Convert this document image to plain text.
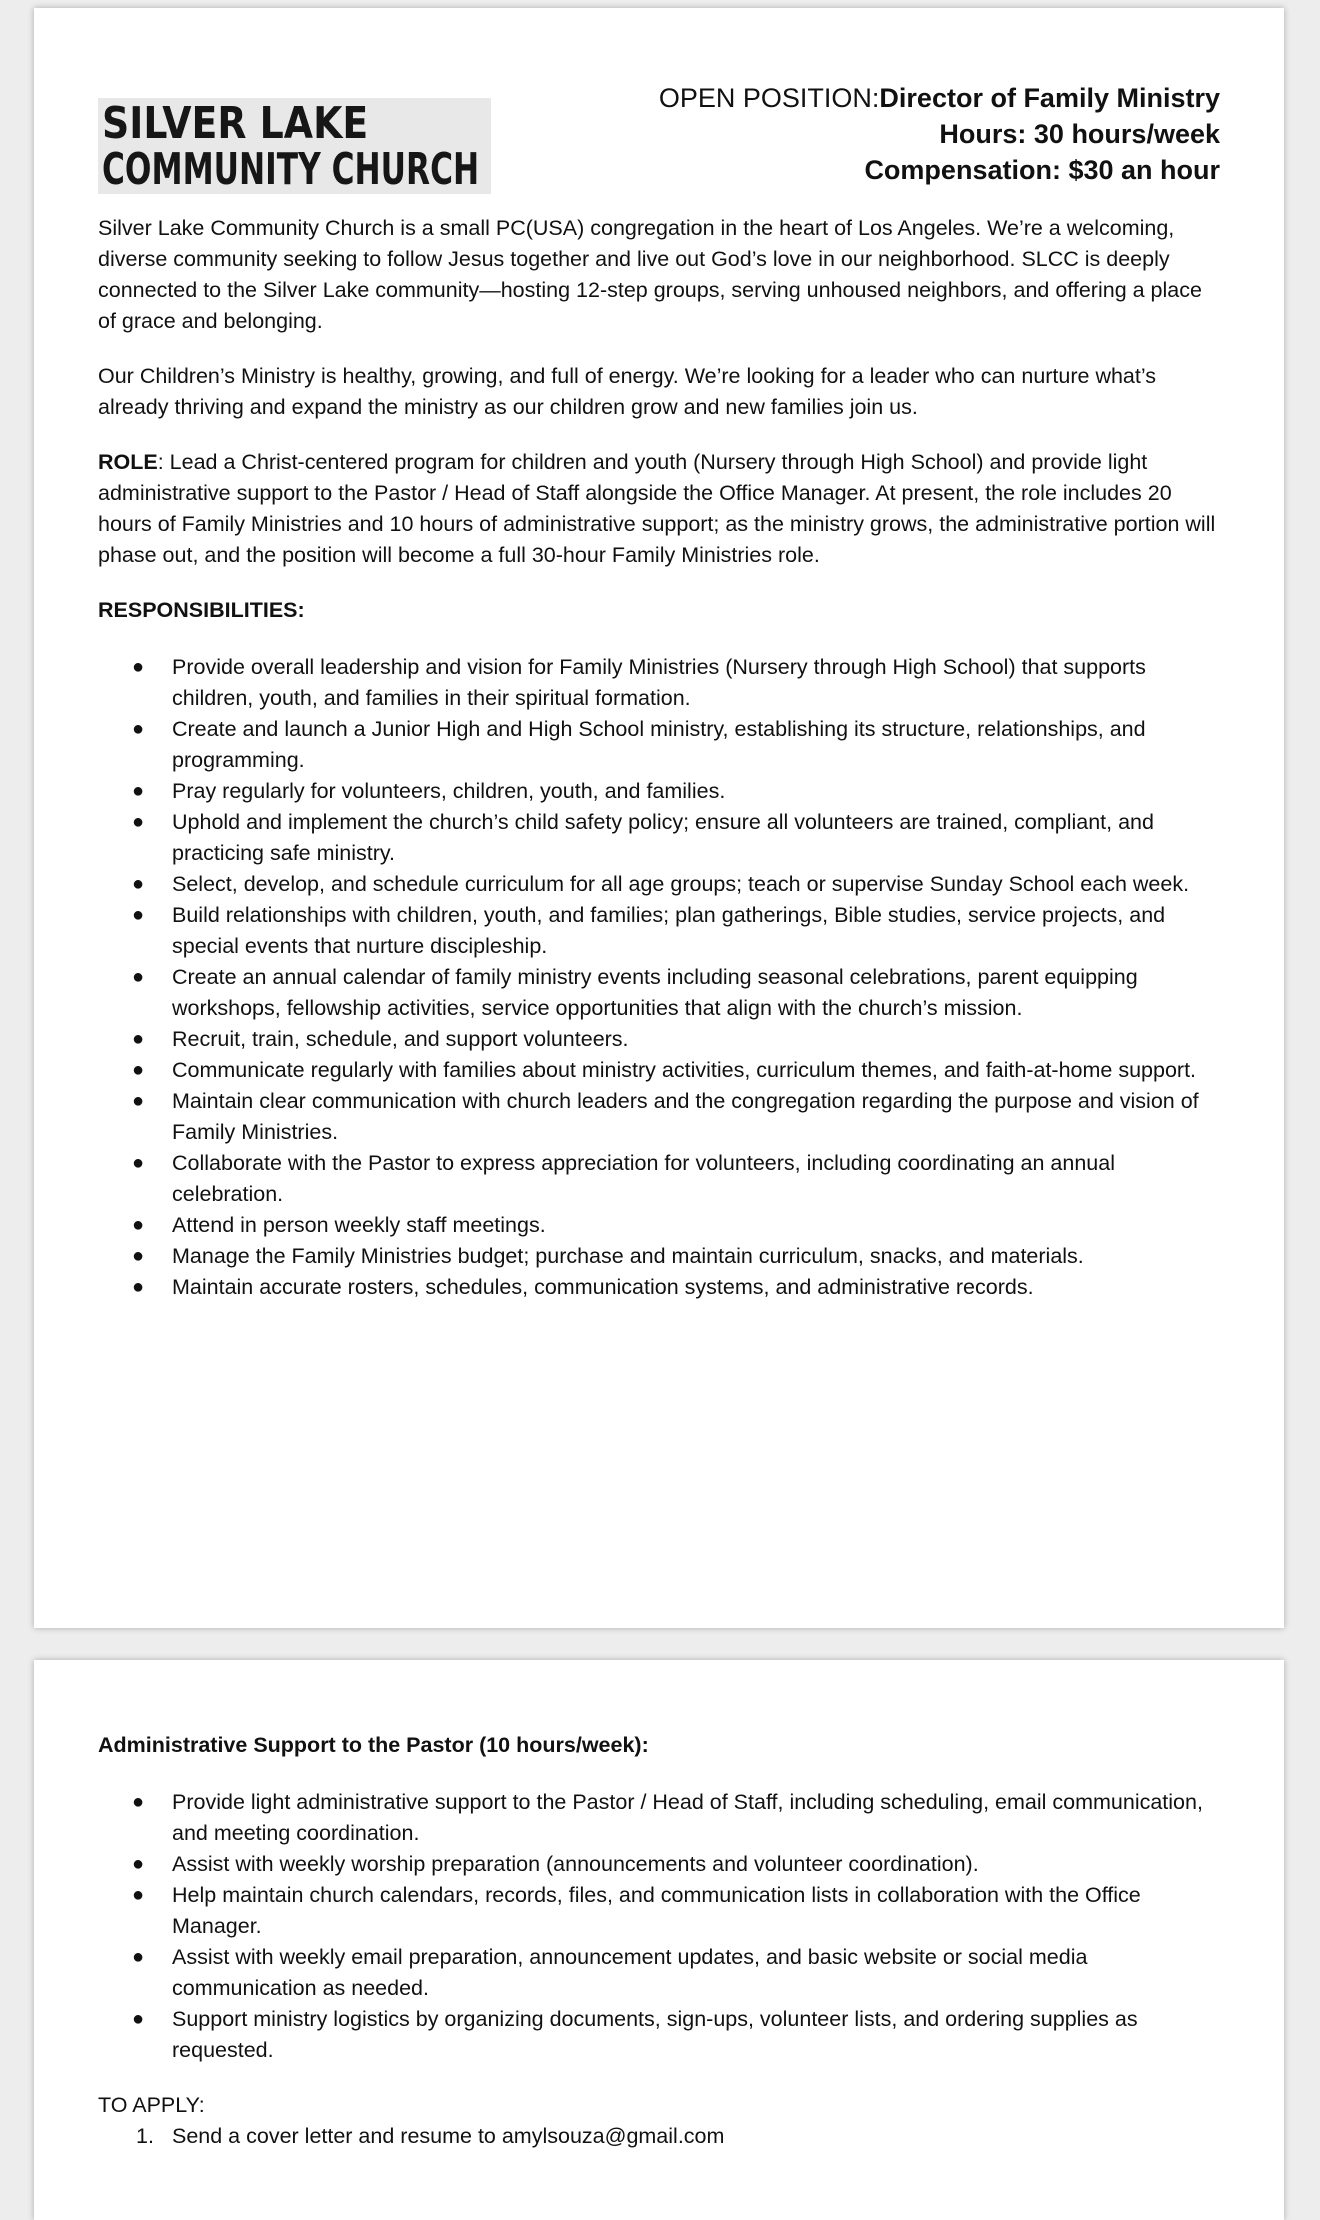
SILVER LAKE
COMMUNITY CHURCH
OPEN POSITION:Director of Family Ministry
Hours: 30 hours/week
Compensation: $30 an hour

Silver Lake Community Church is a small PC(USA) congregation in the heart of Los Angeles. We’re a welcoming, diverse community seeking to follow Jesus together and live out God’s love in our neighborhood. SLCC is deeply connected to the Silver Lake community—hosting 12-step groups, serving unhoused neighbors, and offering a place of grace and belonging.

Our Children’s Ministry is healthy, growing, and full of energy. We’re looking for a leader who can nurture what’s already thriving and expand the ministry as our children grow and new families join us.

ROLE: Lead a Christ-centered program for children and youth (Nursery through High School) and provide light administrative support to the Pastor / Head of Staff alongside the Office Manager. At present, the role includes 20 hours of Family Ministries and 10 hours of administrative support; as the ministry grows, the administrative portion will phase out, and the position will become a full 30-hour Family Ministries role.

RESPONSIBILITIES:
● Provide overall leadership and vision for Family Ministries (Nursery through High School) that supports children, youth, and families in their spiritual formation.
● Create and launch a Junior High and High School ministry, establishing its structure, relationships, and programming.
● Pray regularly for volunteers, children, youth, and families.
● Uphold and implement the church’s child safety policy; ensure all volunteers are trained, compliant, and practicing safe ministry.
● Select, develop, and schedule curriculum for all age groups; teach or supervise Sunday School each week.
● Build relationships with children, youth, and families; plan gatherings, Bible studies, service projects, and special events that nurture discipleship.
● Create an annual calendar of family ministry events including seasonal celebrations, parent equipping workshops, fellowship activities, service opportunities that align with the church’s mission.
● Recruit, train, schedule, and support volunteers.
● Communicate regularly with families about ministry activities, curriculum themes, and faith-at-home support.
● Maintain clear communication with church leaders and the congregation regarding the purpose and vision of Family Ministries.
● Collaborate with the Pastor to express appreciation for volunteers, including coordinating an annual celebration.
● Attend in person weekly staff meetings.
● Manage the Family Ministries budget; purchase and maintain curriculum, snacks, and materials.
● Maintain accurate rosters, schedules, communication systems, and administrative records.
Administrative Support to the Pastor (10 hours/week):
● Provide light administrative support to the Pastor / Head of Staff, including scheduling, email communication, and meeting coordination.
● Assist with weekly worship preparation (announcements and volunteer coordination).
● Help maintain church calendars, records, files, and communication lists in collaboration with the Office Manager.
● Assist with weekly email preparation, announcement updates, and basic website or social media communication as needed.
● Support ministry logistics by organizing documents, sign-ups, volunteer lists, and ordering supplies as requested.
TO APPLY:
1. Send a cover letter and resume to amylsouza@gmail.com
